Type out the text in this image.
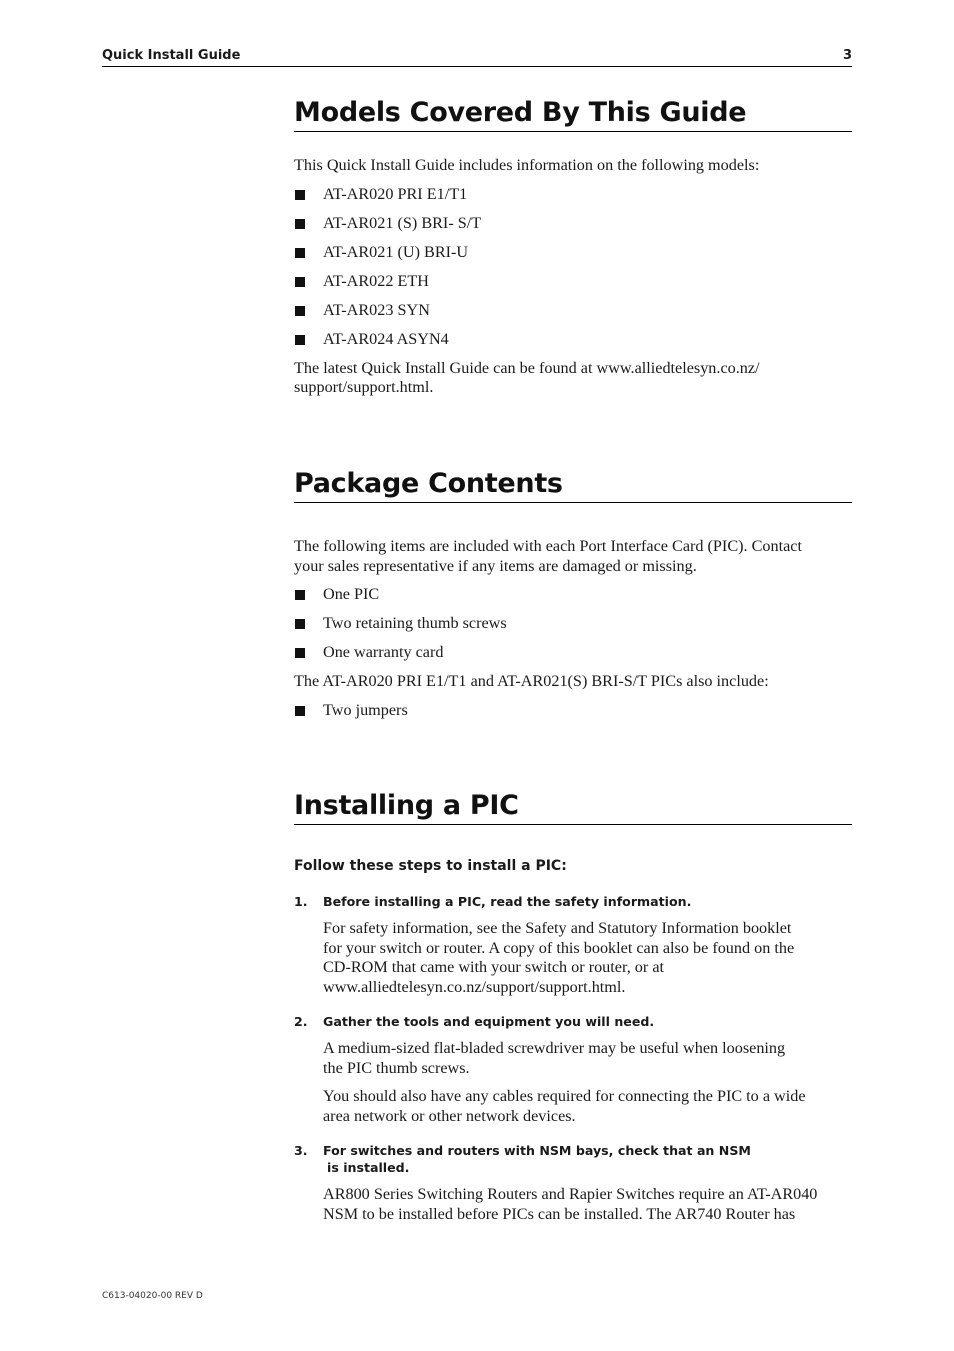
Quick Install Guide	3
Models Covered By This Guide

This Quick Install Guide includes information on the following models:

AT-AR020 PRI E1/T1
AT-AR021 (S) BRI- S/T
AT-AR021 (U) BRI-U
AT-AR022 ETH
AT-AR023 SYN
AT-AR024 ASYN4

The latest Quick Install Guide can be found at www.alliedtelesyn.co.nz/
support/support.html.

Package Contents

The following items are included with each Port Interface Card (PIC). Contact
your sales representative if any items are damaged or missing.

One PIC
Two retaining thumb screws
One warranty card

The AT-AR020 PRI E1/T1 and AT-AR021(S) BRI-S/T PICs also include:

Two jumpers
Installing a PIC
Follow these steps to install a PIC:
1. Before installing a PIC, read the safety information.

For safety information, see the Safety and Statutory Information booklet
for your switch or router. A copy of this booklet can also be found on the
CD-ROM that came with your switch or router, or at
www.alliedtelesyn.co.nz/support/support.html.

2. Gather the tools and equipment you will need.

A medium-sized flat-bladed screwdriver may be useful when loosening
the PIC thumb screws.

You should also have any cables required for connecting the PIC to a wide
area network or other network devices.

3. For switches and routers with NSM bays, check that an NSM
is installed.

AR800 Series Switching Routers and Rapier Switches require an AT-AR040
NSM to be installed before PICs can be installed. The AR740 Router has

C613-04020-00 REV D
